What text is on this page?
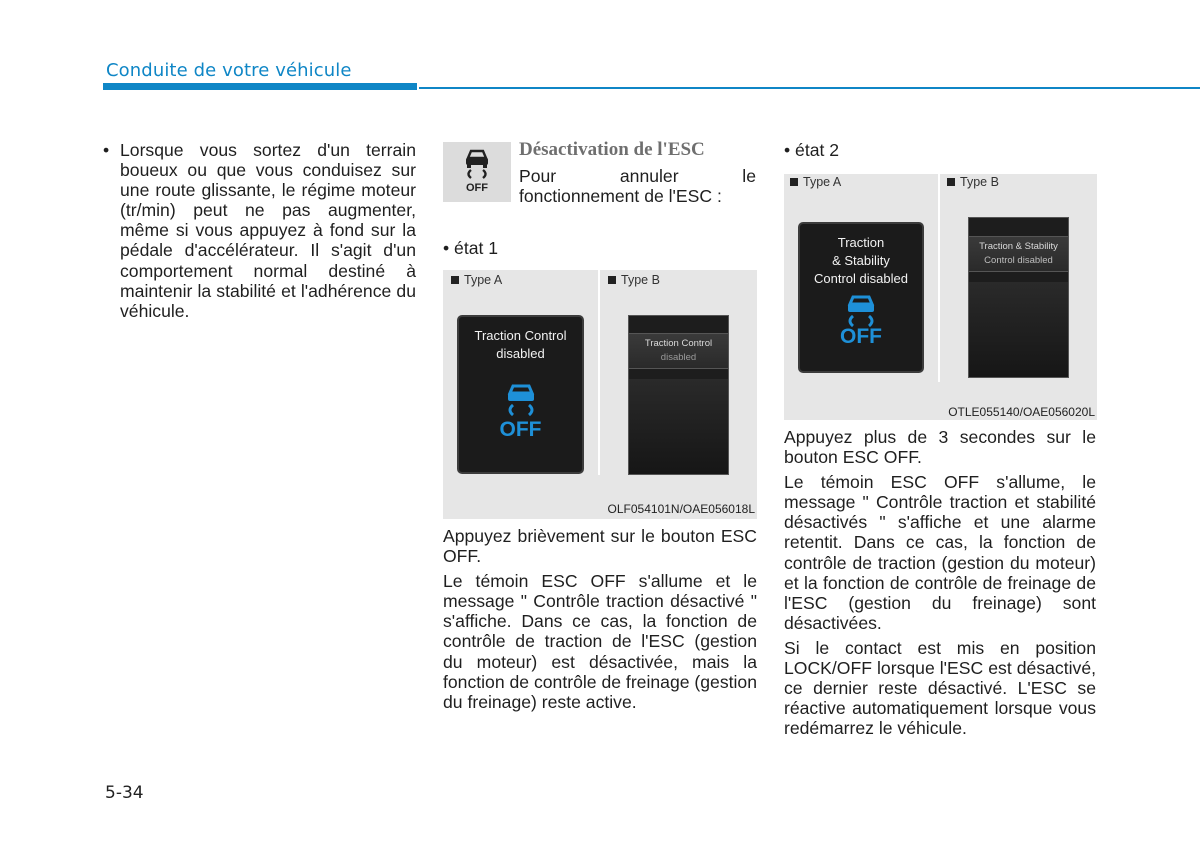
Conduite de votre véhicule
• Lorsque vous sortez d'un terrain boueux ou que vous conduisez sur une route glissante, le régime moteur (tr/min) peut ne pas augmenter, même si vous appuyez à fond sur la pédale d'accélérateur. Il s'agit d'un comportement normal destiné à maintenir la stabilité et l'adhérence du véhicule.
OFF
Désactivation de l'ESC
Pour annuler le
fonctionnement de l'ESC :
• état 1
Type A	Type B
Traction Control
disabled
OFF
Traction Control
disabled
OLF054101N/OAE056018L

Appuyez brièvement sur le bouton ESC OFF.

Le témoin ESC OFF s'allume et le message " Contrôle traction désactivé " s'affiche. Dans ce cas, la fonction de contrôle de traction de l'ESC (gestion du moteur) est désactivée, mais la fonction de contrôle de freinage (gestion du freinage) reste active.

• état 2
Type A	Type B
Traction
& Stability
Control disabled
OFF
Traction & Stability
Control disabled
OTLE055140/OAE056020L

Appuyez plus de 3 secondes sur le bouton ESC OFF.

Le témoin ESC OFF s'allume, le message " Contrôle traction et stabilité désactivés " s'affiche et une alarme retentit. Dans ce cas, la fonction de contrôle de traction (gestion du moteur) et la fonction de contrôle de freinage de l'ESC (gestion du freinage) sont désactivées.

Si le contact est mis en position LOCK/OFF lorsque l'ESC est désactivé, ce dernier reste désactivé. L'ESC se réactive automatiquement lorsque vous redémarrez le véhicule.

5-34
